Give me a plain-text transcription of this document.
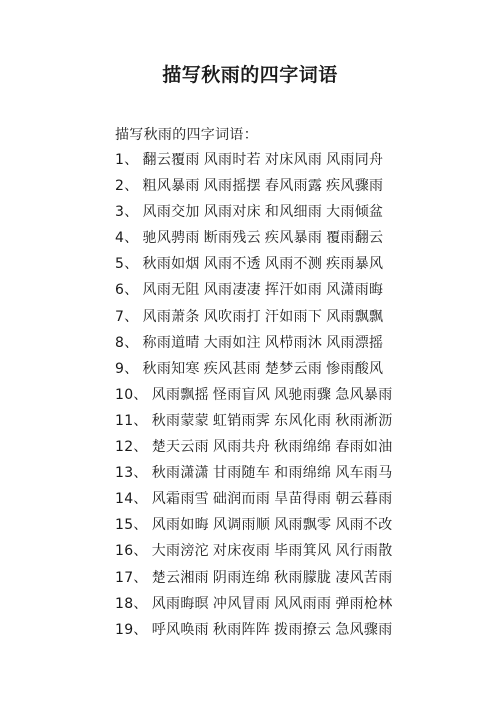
描写秋雨的四字词语
描写秋雨的四字词语：
1、 翻云覆雨 风雨时若 对床风雨 风雨同舟
2、 粗风暴雨 风雨摇摆 春风雨露 疾风骤雨
3、 风雨交加 风雨对床 和风细雨 大雨倾盆
4、 驰风骋雨 断雨残云 疾风暴雨 覆雨翻云
5、 秋雨如烟 风雨不透 风雨不测 疾雨暴风
6、 风雨无阻 风雨凄凄 挥汗如雨 风潇雨晦
7、 风雨萧条 风吹雨打 汗如雨下 风雨飘飘
8、 称雨道晴 大雨如注 风栉雨沐 风雨漂摇
9、 秋雨知寒 疾风甚雨 楚梦云雨 惨雨酸风
10、 风雨飘摇 怪雨盲风 风驰雨骤 急风暴雨
11、 秋雨蒙蒙 虹销雨霁 东风化雨 秋雨淅沥
12、 楚天云雨 风雨共舟 秋雨绵绵 春雨如油
13、 秋雨潇潇 甘雨随车 和雨绵绵 风车雨马
14、 风霜雨雪 础润而雨 旱苗得雨 朝云暮雨
15、 风雨如晦 风调雨顺 风雨飘零 风雨不改
16、 大雨滂沱 对床夜雨 毕雨箕风 风行雨散
17、 楚云湘雨 阴雨连绵 秋雨朦胧 凄风苦雨
18、 风雨晦暝 冲风冒雨 风风雨雨 弹雨枪林
19、 呼风唤雨 秋雨阵阵 拨雨撩云 急风骤雨
